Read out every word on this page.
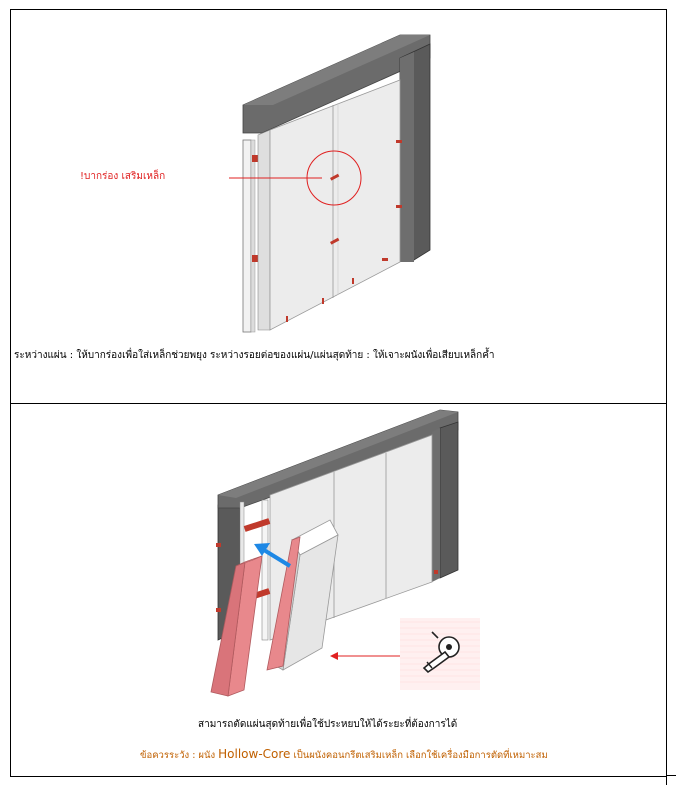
!บากร่อง เสริมเหล็ก
ระหว่างแผ่น : ให้บากร่องเพื่อใส่เหล็กช่วยพยุง ระหว่างรอยต่อของแผ่น/แผ่นสุดท้าย : ให้เจาะผนังเพื่อเสียบเหล็กค้ำ
สามารถตัดแผ่นสุดท้ายเพื่อใช้ประหยบให้ได้ระยะที่ต้องการได้
ข้อควรระวัง : ผนัง Hollow-Core เป็นผนังคอนกรีตเสริมเหล็ก เลือกใช้เครื่องมือการตัดที่เหมาะสม
